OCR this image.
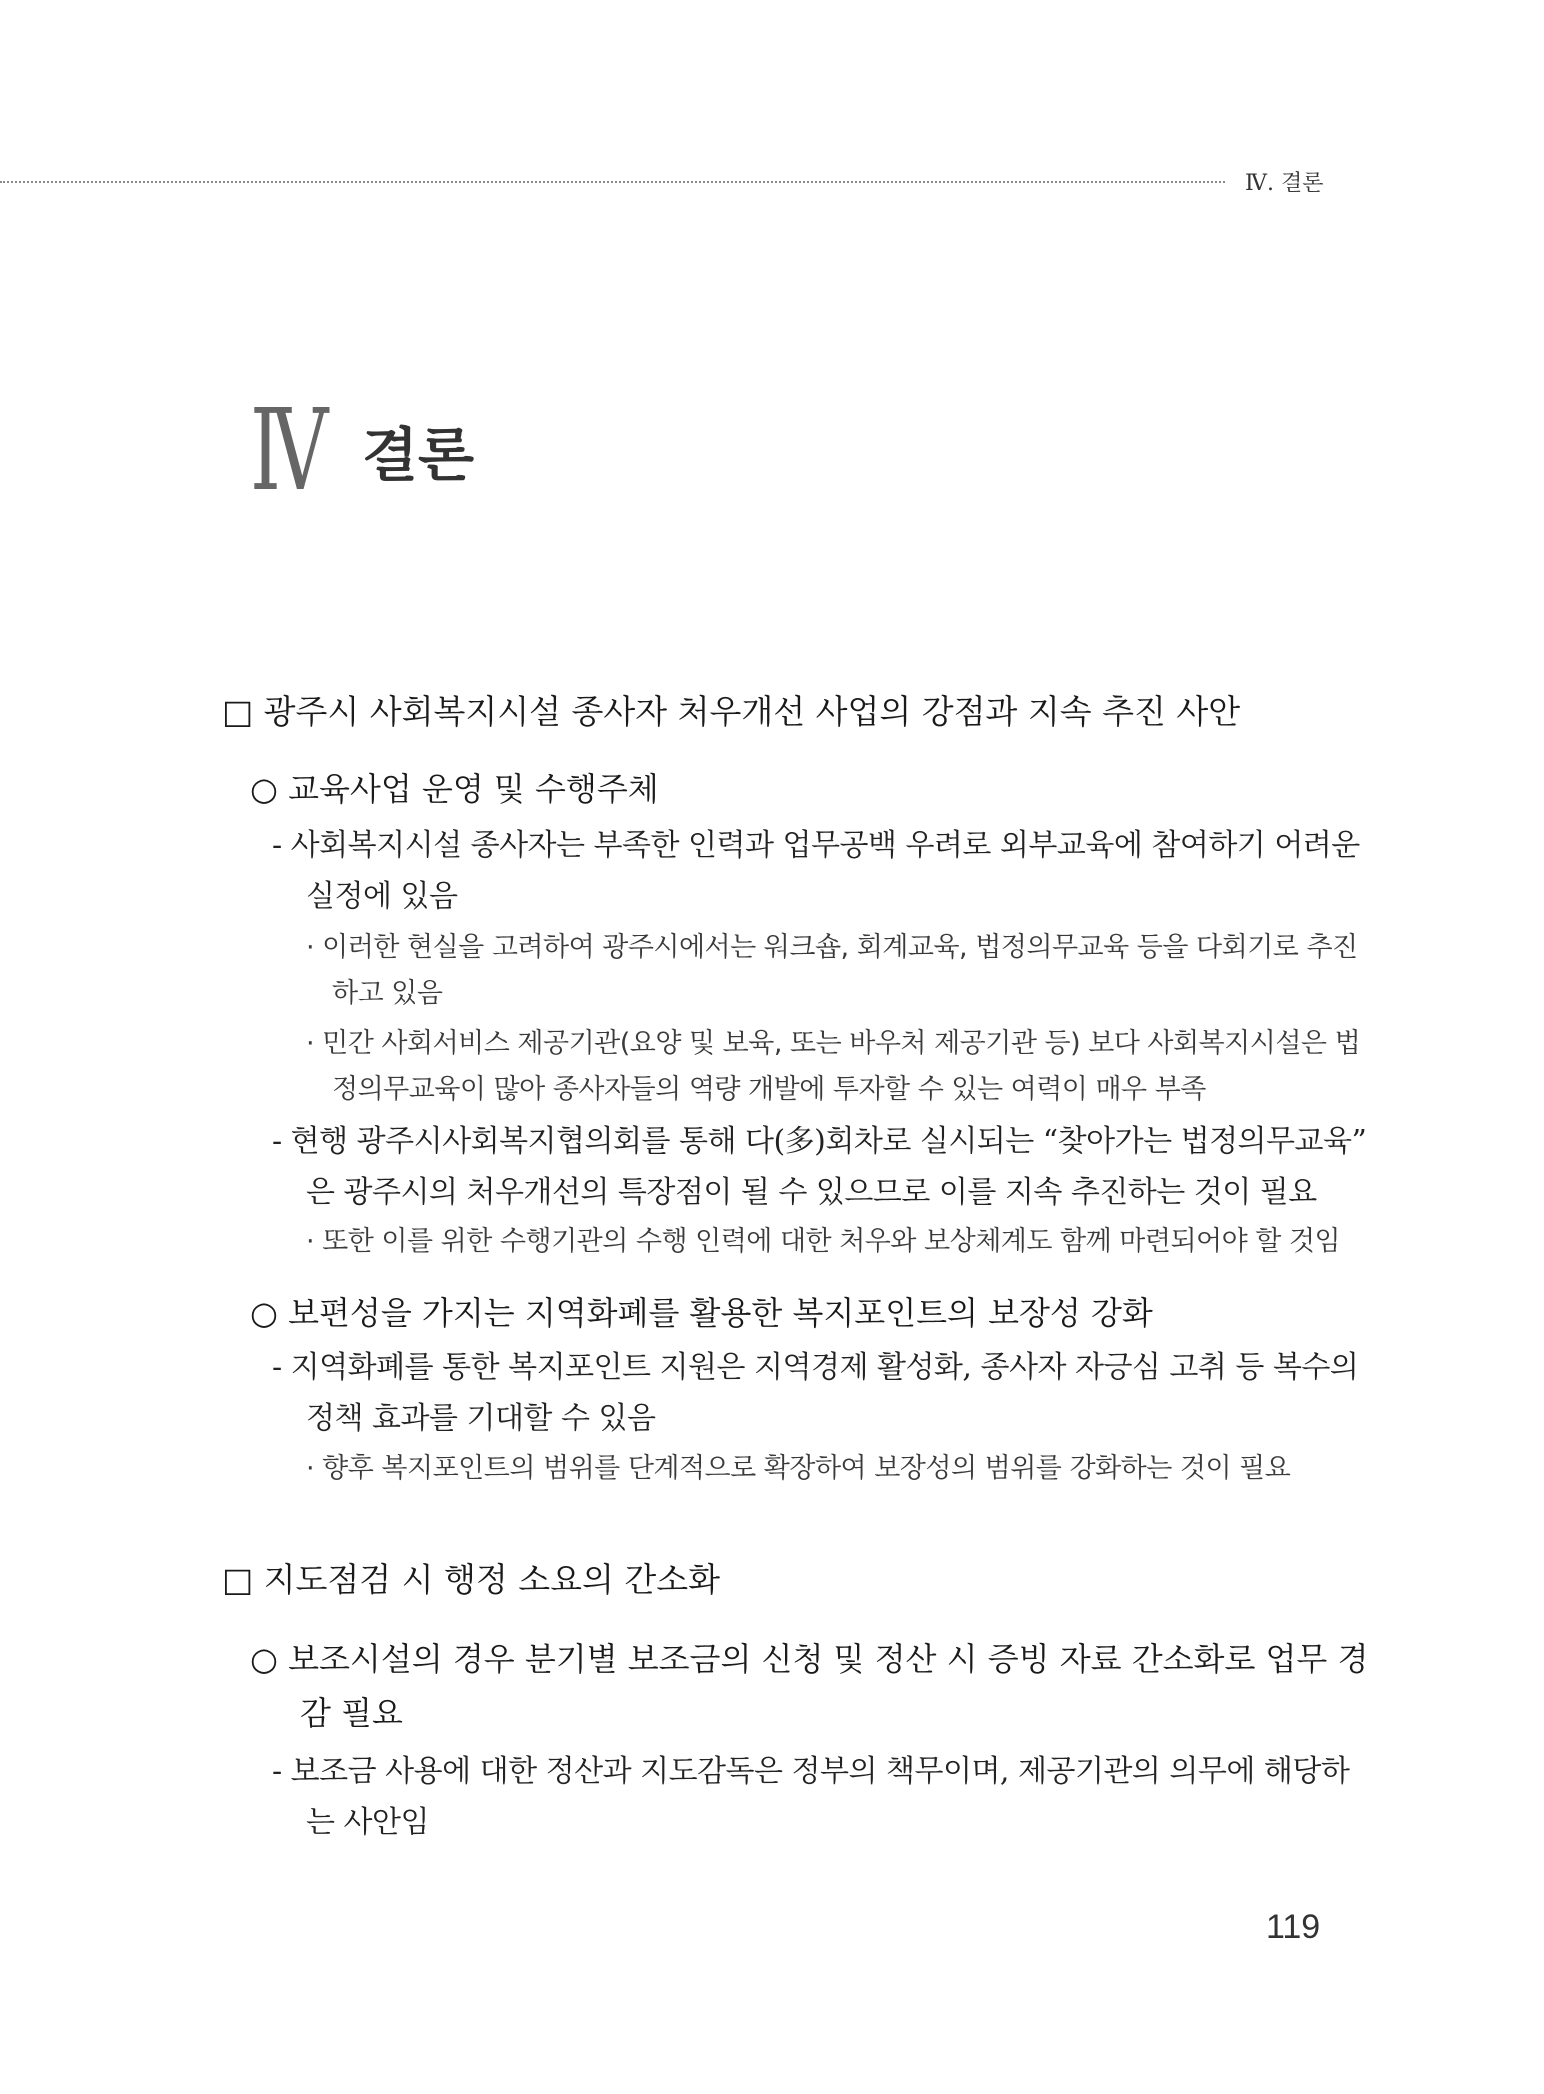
Ⅳ. 결론
Ⅳ 결론
□ 광주시 사회복지시설 종사자 처우개선 사업의 강점과 지속 추진 사안
○ 교육사업 운영 및 수행주체
- 사회복지시설 종사자는 부족한 인력과 업무공백 우려로 외부교육에 참여하기 어려운
실정에 있음
· 이러한 현실을 고려하여 광주시에서는 워크숍, 회계교육, 법정의무교육 등을 다회기로 추진
하고 있음
· 민간 사회서비스 제공기관(요양 및 보육, 또는 바우처 제공기관 등) 보다 사회복지시설은 법
정의무교육이 많아 종사자들의 역량 개발에 투자할 수 있는 여력이 매우 부족
- 현행 광주시사회복지협의회를 통해 다(多)회차로 실시되는 “찾아가는 법정의무교육”
은 광주시의 처우개선의 특장점이 될 수 있으므로 이를 지속 추진하는 것이 필요
· 또한 이를 위한 수행기관의 수행 인력에 대한 처우와 보상체계도 함께 마련되어야 할 것임
○ 보편성을 가지는 지역화폐를 활용한 복지포인트의 보장성 강화
- 지역화폐를 통한 복지포인트 지원은 지역경제 활성화, 종사자 자긍심 고취 등 복수의
정책 효과를 기대할 수 있음
· 향후 복지포인트의 범위를 단계적으로 확장하여 보장성의 범위를 강화하는 것이 필요
□ 지도점검 시 행정 소요의 간소화
○ 보조시설의 경우 분기별 보조금의 신청 및 정산 시 증빙 자료 간소화로 업무 경
감 필요
- 보조금 사용에 대한 정산과 지도감독은 정부의 책무이며, 제공기관의 의무에 해당하
는 사안임
119
